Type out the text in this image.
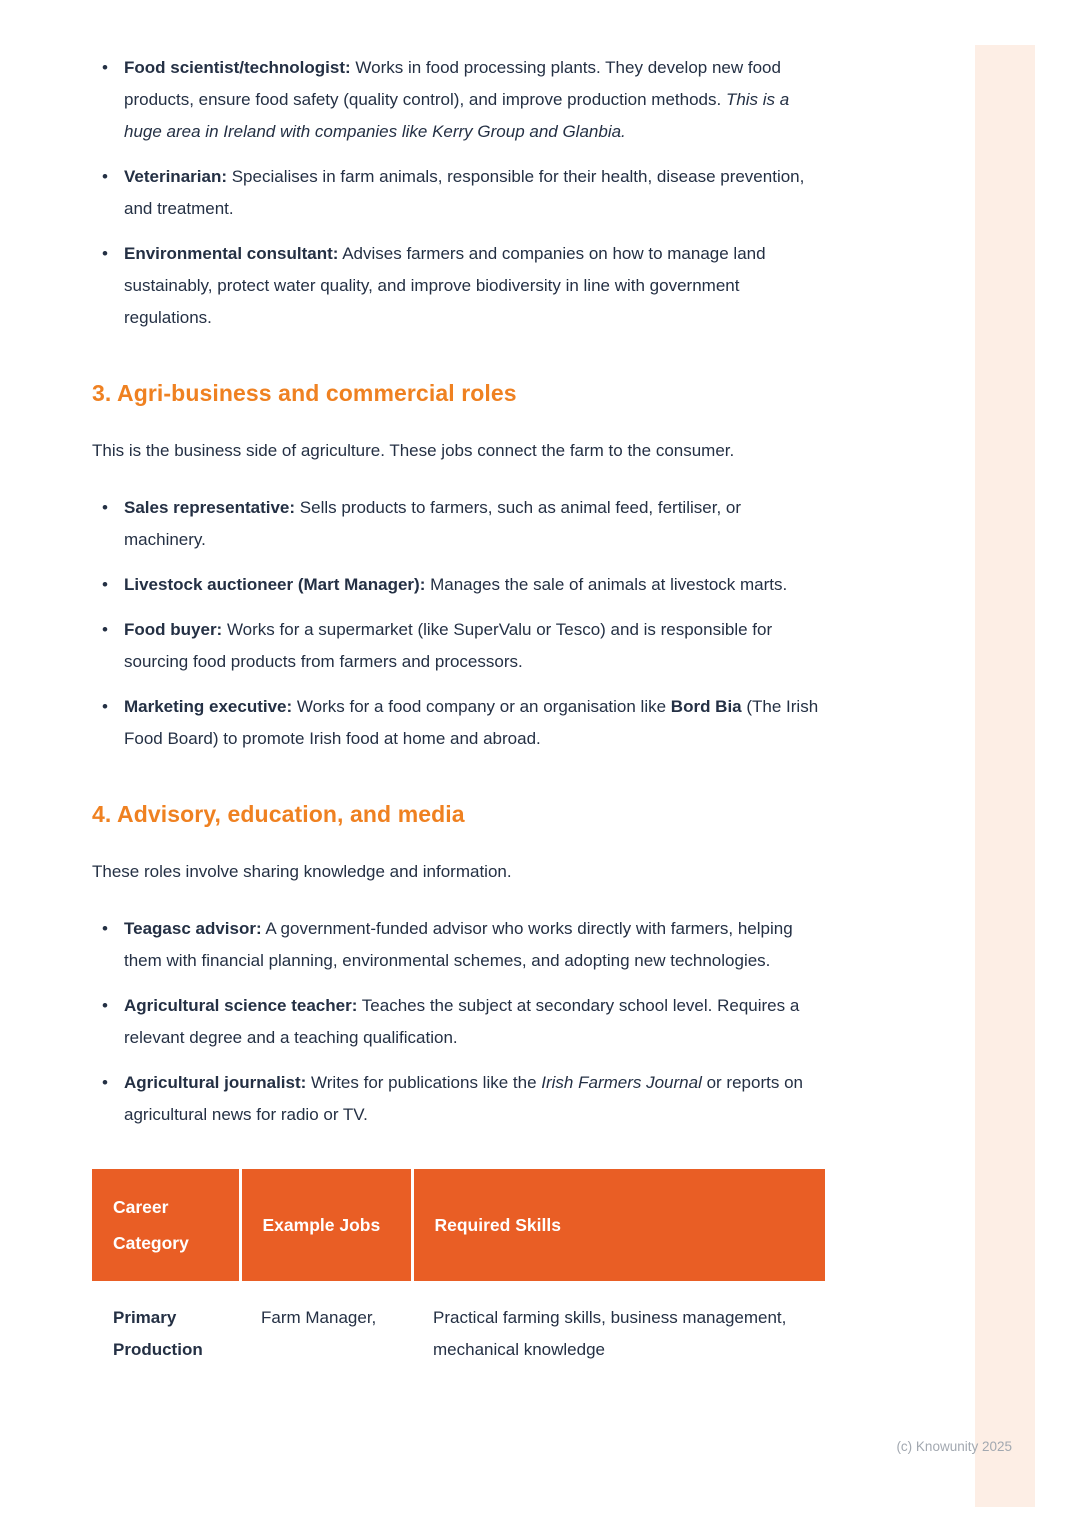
• Food scientist/technologist: Works in food processing plants. They develop new food products, ensure food safety (quality control), and improve production methods. This is a huge area in Ireland with companies like Kerry Group and Glanbia.
• Veterinarian: Specialises in farm animals, responsible for their health, disease prevention, and treatment.
• Environmental consultant: Advises farmers and companies on how to manage land sustainably, protect water quality, and improve biodiversity in line with government regulations.
3. Agri-business and commercial roles

This is the business side of agriculture. These jobs connect the farm to the consumer.

• Sales representative: Sells products to farmers, such as animal feed, fertiliser, or machinery.
• Livestock auctioneer (Mart Manager): Manages the sale of animals at livestock marts.
• Food buyer: Works for a supermarket (like SuperValu or Tesco) and is responsible for sourcing food products from farmers and processors.
• Marketing executive: Works for a food company or an organisation like Bord Bia (The Irish Food Board) to promote Irish food at home and abroad.
4. Advisory, education, and media

These roles involve sharing knowledge and information.

• Teagasc advisor: A government-funded advisor who works directly with farmers, helping them with financial planning, environmental schemes, and adopting new technologies.
• Agricultural science teacher: Teaches the subject at secondary school level. Requires a relevant degree and a teaching qualification.
• Agricultural journalist: Writes for publications like the Irish Farmers Journal or reports on agricultural news for radio or TV.
Career Category	Example Jobs	Required Skills
Primary Production	Farm Manager,	Practical farming skills, business management, mechanical knowledge
(c) Knowunity 2025
